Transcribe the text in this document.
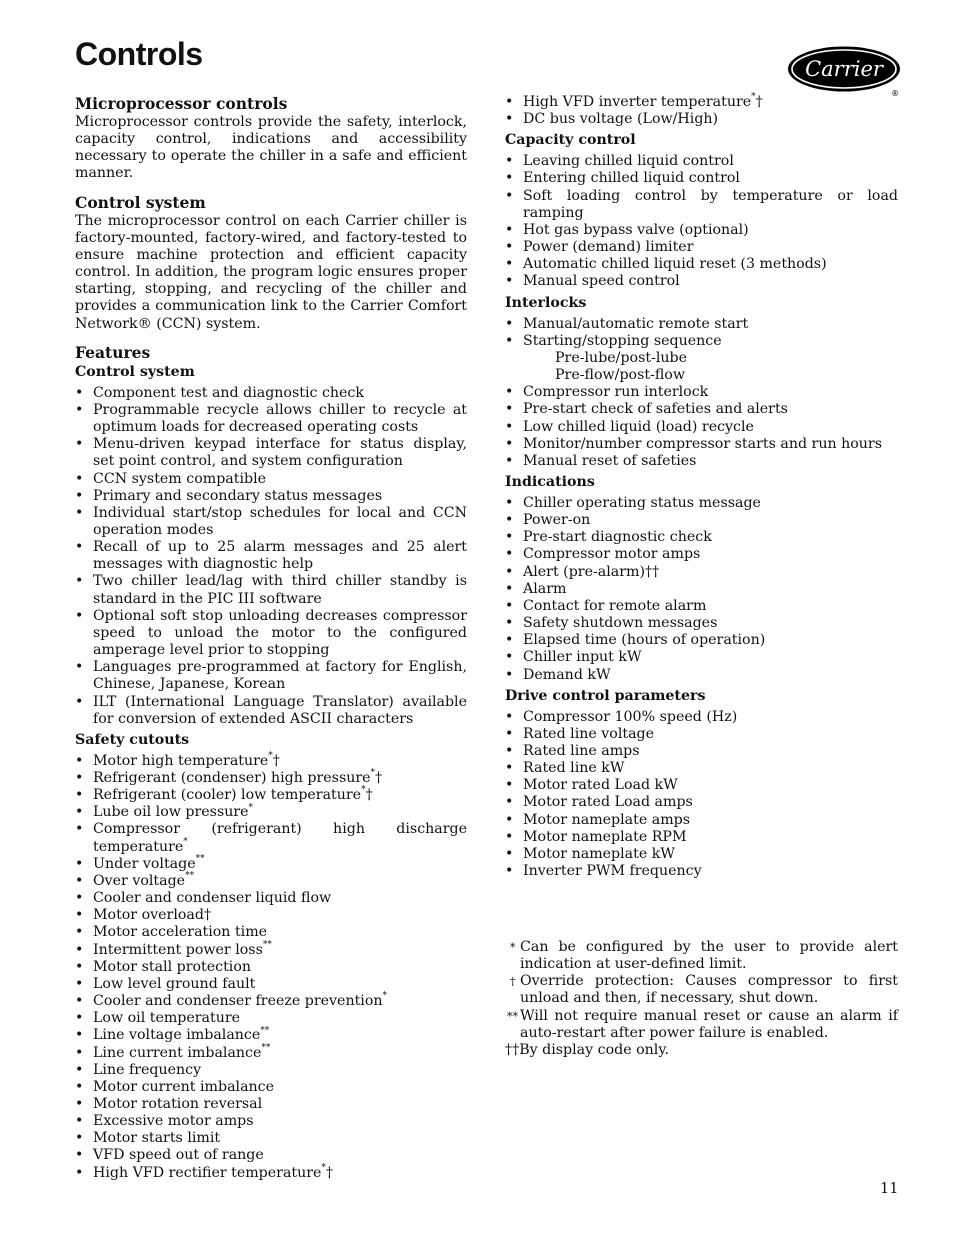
Controls	Carrier
®
Microprocessor controls

Microprocessor controls provide the safety, interlock, capacity control, indications and accessibility necessary to operate the chiller in a safe and efficient manner.

Control system

The microprocessor control on each Carrier chiller is factory-mounted, factory-wired, and factory-tested to ensure machine protection and efficient capacity control. In addition, the program logic ensures proper starting, stopping, and recycling of the chiller and provides a communication link to the Carrier Comfort Network® (CCN) system.

Features
Control system
• Component test and diagnostic check
• Programmable recycle allows chiller to recycle at optimum loads for decreased operating costs
• Menu-driven keypad interface for status display, set point control, and system configuration
• CCN system compatible
• Primary and secondary status messages
• Individual start/stop schedules for local and CCN operation modes
• Recall of up to 25 alarm messages and 25 alert messages with diagnostic help
• Two chiller lead/lag with third chiller standby is standard in the PIC III software
• Optional soft stop unloading decreases compressor speed to unload the motor to the configured amperage level prior to stopping
• Languages pre-programmed at factory for English, Chinese, Japanese, Korean
• ILT (International Language Translator) available for conversion of extended ASCII characters
Safety cutouts
• Motor high temperature*†
• Refrigerant (condenser) high pressure*†
• Refrigerant (cooler) low temperature*†
• Lube oil low pressure*
• Compressor (refrigerant) high discharge temperature*
• Under voltage**
• Over voltage**
• Cooler and condenser liquid flow
• Motor overload†
• Motor acceleration time
• Intermittent power loss**
• Motor stall protection
• Low level ground fault
• Cooler and condenser freeze prevention*
• Low oil temperature
• Line voltage imbalance**
• Line current imbalance**
• Line frequency
• Motor current imbalance
• Motor rotation reversal
• Excessive motor amps
• Motor starts limit
• VFD speed out of range
• High VFD rectifier temperature*†
• High VFD inverter temperature*†
• DC bus voltage (Low/High)
Capacity control
• Leaving chilled liquid control
• Entering chilled liquid control
• Soft loading control by temperature or load ramping
• Hot gas bypass valve (optional)
• Power (demand) limiter
• Automatic chilled liquid reset (3 methods)
• Manual speed control
Interlocks
• Manual/automatic remote start
• Starting/stopping sequence
Pre-lube/post-lube
Pre-flow/post-flow
• Compressor run interlock
• Pre-start check of safeties and alerts
• Low chilled liquid (load) recycle
• Monitor/number compressor starts and run hours
• Manual reset of safeties
Indications
• Chiller operating status message
• Power-on
• Pre-start diagnostic check
• Compressor motor amps
• Alert (pre-alarm)††
• Alarm
• Contact for remote alarm
• Safety shutdown messages
• Elapsed time (hours of operation)
• Chiller input kW
• Demand kW
Drive control parameters
• Compressor 100% speed (Hz)
• Rated line voltage
• Rated line amps
• Rated line kW
• Motor rated Load kW
• Motor rated Load amps
• Motor nameplate amps
• Motor nameplate RPM
• Motor nameplate kW
• Inverter PWM frequency
* Can be configured by the user to provide alert indication at user-defined limit.
† Override protection: Causes compressor to first unload and then, if necessary, shut down.
** Will not require manual reset or cause an alarm if auto-restart after power failure is enabled.
††By display code only.
11
